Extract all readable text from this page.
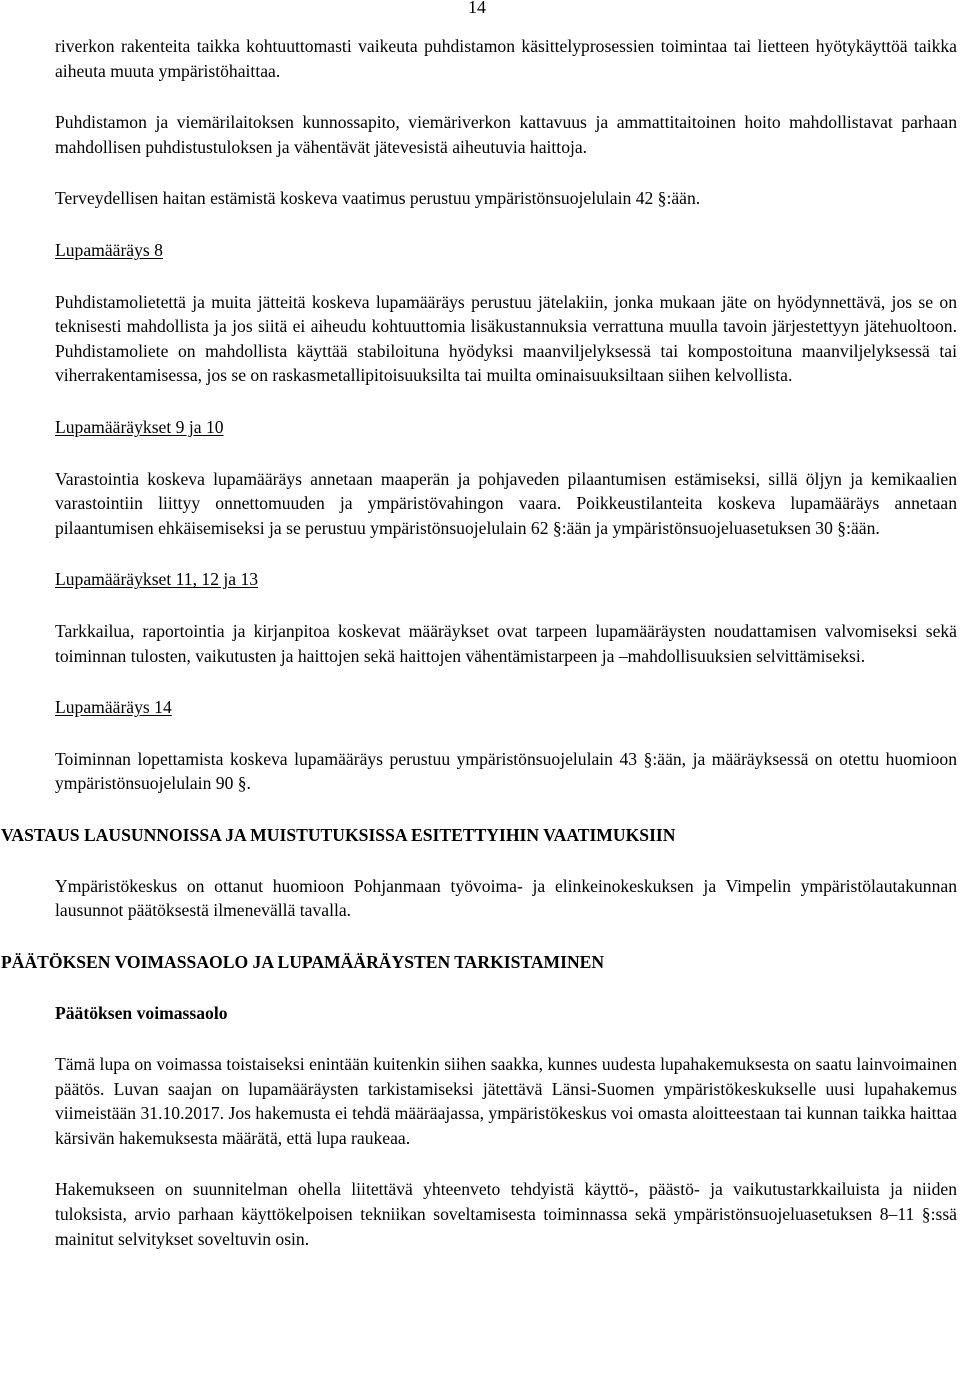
14

riverkon rakenteita taikka kohtuuttomasti vaikeuta puhdistamon käsittelyprosessien toimintaa tai lietteen hyötykäyttöä taikka aiheuta muuta ympäristöhaittaa.

Puhdistamon ja viemärilaitoksen kunnossapito, viemäriverkon kattavuus ja ammattitaitoinen hoito mahdollistavat parhaan mahdollisen puhdistustuloksen ja vähentävät jätevesistä aiheutuvia haittoja.

Terveydellisen haitan estämistä koskeva vaatimus perustuu ympäristönsuojelulain 42 §:ään.

Lupamääräys 8

Puhdistamolietettä ja muita jätteitä koskeva lupamääräys perustuu jätelakiin, jonka mukaan jäte on hyödynnettävä, jos se on teknisesti mahdollista ja jos siitä ei aiheudu kohtuuttomia lisäkustannuksia verrattuna muulla tavoin järjestettyyn jätehuoltoon. Puhdistamoliete on mahdollista käyttää stabiloituna hyödyksi maanviljelyksessä tai kompostoituna maanviljelyksessä tai viherrakentamisessa, jos se on raskasmetallipitoisuuksilta tai muilta ominaisuuksiltaan siihen kelvollista.

Lupamääräykset 9 ja 10

Varastointia koskeva lupamääräys annetaan maaperän ja pohjaveden pilaantumisen estämiseksi, sillä öljyn ja kemikaalien varastointiin liittyy onnettomuuden ja ympäristövahingon vaara. Poikkeustilanteita koskeva lupamääräys annetaan pilaantumisen ehkäisemiseksi ja se perustuu ympäristönsuojelulain 62 §:ään ja ympäristönsuojeluasetuksen 30 §:ään.

Lupamääräykset 11, 12 ja 13

Tarkkailua, raportointia ja kirjanpitoa koskevat määräykset ovat tarpeen lupamääräysten noudattamisen valvomiseksi sekä toiminnan tulosten, vaikutusten ja haittojen sekä haittojen vähentämistarpeen ja –mahdollisuuksien selvittämiseksi.

Lupamääräys 14

Toiminnan lopettamista koskeva lupamääräys perustuu ympäristönsuojelulain 43 §:ään, ja määräyksessä on otettu huomioon ympäristönsuojelulain 90 §.

VASTAUS LAUSUNNOISSA JA MUISTUTUKSISSA ESITETTYIHIN VAATIMUKSIIN

Ympäristökeskus on ottanut huomioon Pohjanmaan työvoima- ja elinkeinokeskuksen ja Vimpelin ympäristölautakunnan lausunnot päätöksestä ilmenevällä tavalla.

PÄÄTÖKSEN VOIMASSAOLO JA LUPAMÄÄRÄYSTEN TARKISTAMINEN

Päätöksen voimassaolo

Tämä lupa on voimassa toistaiseksi enintään kuitenkin siihen saakka, kunnes uudesta lupahakemuksesta on saatu lainvoimainen päätös. Luvan saajan on lupamääräysten tarkistamiseksi jätettävä Länsi-Suomen ympäristökeskukselle uusi lupahakemus viimeistään 31.10.2017. Jos hakemusta ei tehdä määräajassa, ympäristökeskus voi omasta aloitteestaan tai kunnan taikka haittaa kärsivän hakemuksesta määrätä, että lupa raukeaa.

Hakemukseen on suunnitelman ohella liitettävä yhteenveto tehdyistä käyttö-, päästö- ja vaikutustarkkailuista ja niiden tuloksista, arvio parhaan käyttökelpoisen tekniikan soveltamisesta toiminnassa sekä ympäristönsuojeluasetuksen 8–11 §:ssä mainitut selvitykset soveltuvin osin.
